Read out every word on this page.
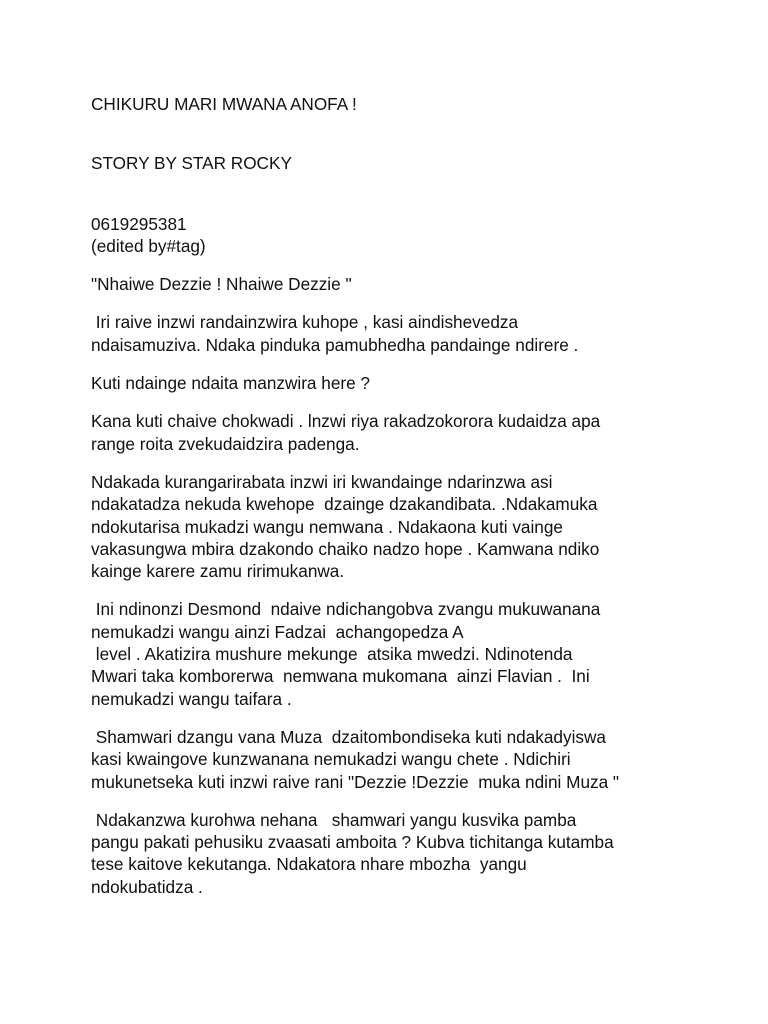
CHIKURU MARI MWANA ANOFA !
STORY BY STAR ROCKY
0619295381
(edited by#tag)

"Nhaiwe Dezzie ! Nhaiwe Dezzie "

Iri raive inzwi randainzwira kuhope , kasi aindishevedza
ndaisamuziva. Ndaka pinduka pamubhedha pandainge ndirere .

Kuti ndainge ndaita manzwira here ?

Kana kuti chaive chokwadi . lnzwi riya rakadzokorora kudaidza apa
range roita zvekudaidzira padenga.

Ndakada kurangarirabata inzwi iri kwandainge ndarinzwa asi
ndakatadza nekuda kwehope  dzainge dzakandibata. .Ndakamuka
ndokutarisa mukadzi wangu nemwana . Ndakaona kuti vainge
vakasungwa mbira dzakondo chaiko nadzo hope . Kamwana ndiko
kainge karere zamu ririmukanwa.

Ini ndinonzi Desmond  ndaive ndichangobva zvangu mukuwanana
nemukadzi wangu ainzi Fadzai  achangopedza A
level . Akatizira mushure mekunge  atsika mwedzi. Ndinotenda
Mwari taka komborerwa  nemwana mukomana  ainzi Flavian .  Ini
nemukadzi wangu taifara .

Shamwari dzangu vana Muza  dzaitombondiseka kuti ndakadyiswa
kasi kwaingove kunzwanana nemukadzi wangu chete . Ndichiri
mukunetseka kuti inzwi raive rani "Dezzie !Dezzie  muka ndini Muza "

Ndakanzwa kurohwa nehana   shamwari yangu kusvika pamba
pangu pakati pehusiku zvaasati amboita ? Kubva tichitanga kutamba
tese kaitove kekutanga. Ndakatora nhare mbozha  yangu
ndokubatidza .
